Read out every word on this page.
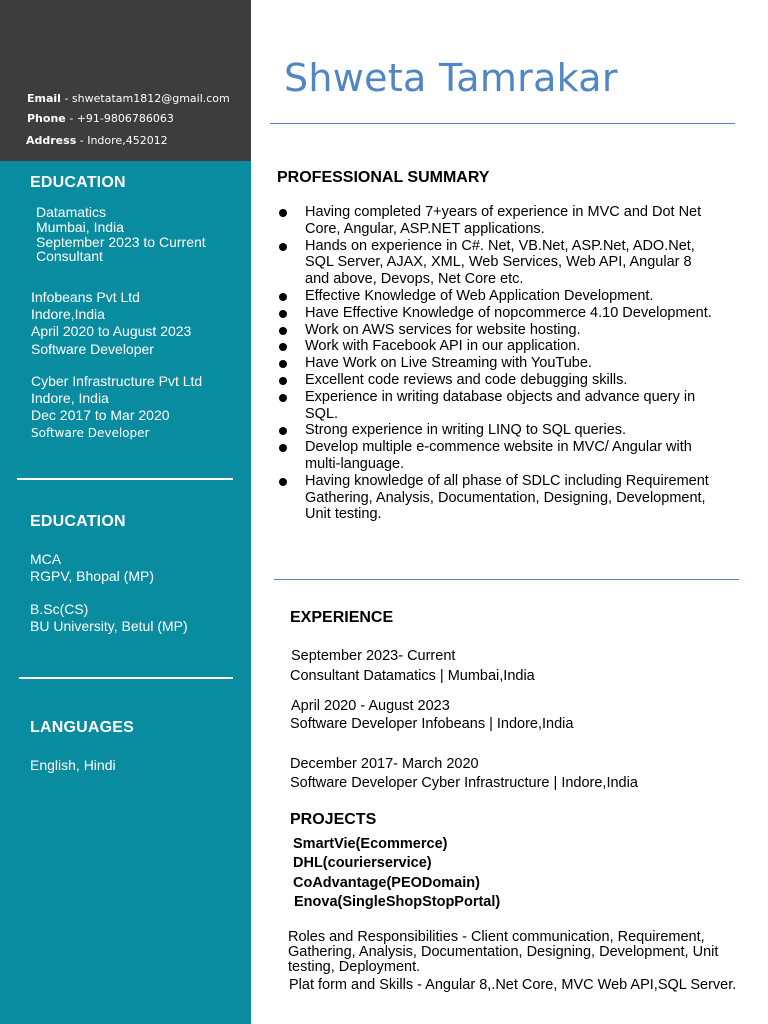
Email - shwetatam1812@gmail.com
Phone - +91-9806786063
Address - Indore,452012
EDUCATION
Datamatics
Mumbai, India
September 2023 to Current
Consultant
Infobeans Pvt Ltd
Indore,India
April 2020 to August 2023
Software Developer
Cyber Infrastructure Pvt Ltd
Indore, India
Dec 2017 to Mar 2020
Software Developer
EDUCATION
MCA
RGPV, Bhopal (MP)
B.Sc(CS)
BU University, Betul (MP)
LANGUAGES
English, Hindi
Shweta Tamrakar
PROFESSIONAL SUMMARY
Having completed 7+years of experience in MVC and Dot Net Core, Angular, ASP.NET applications.
Hands on experience in C#. Net, VB.Net, ASP.Net, ADO.Net, SQL Server, AJAX, XML, Web Services, Web API, Angular 8 and above, Devops, Net Core etc.
Effective Knowledge of Web Application Development.
Have Effective Knowledge of nopcommerce 4.10 Development.
Work on AWS services for website hosting.
Work with Facebook API in our application.
Have Work on Live Streaming with YouTube.
Excellent code reviews and code debugging skills.
Experience in writing database objects and advance query in SQL.
Strong experience in writing LINQ to SQL queries.
Develop multiple e-commence website in MVC/ Angular with multi-language.
Having knowledge of all phase of SDLC including Requirement Gathering, Analysis, Documentation, Designing, Development, Unit testing.
EXPERIENCE
September 2023- Current
Consultant Datamatics | Mumbai,India
April 2020 - August 2023
Software Developer Infobeans | Indore,India
December 2017- March 2020
Software Developer Cyber Infrastructure | Indore,India
PROJECTS
SmartVie(Ecommerce)
DHL(courierservice)
CoAdvantage(PEODomain)
Enova(SingleShopStopPortal)
Roles and Responsibilities - Client communication, Requirement, Gathering, Analysis, Documentation, Designing, Development, Unit testing, Deployment.
Plat form and Skills - Angular 8,.Net Core, MVC Web API,SQL Server.
